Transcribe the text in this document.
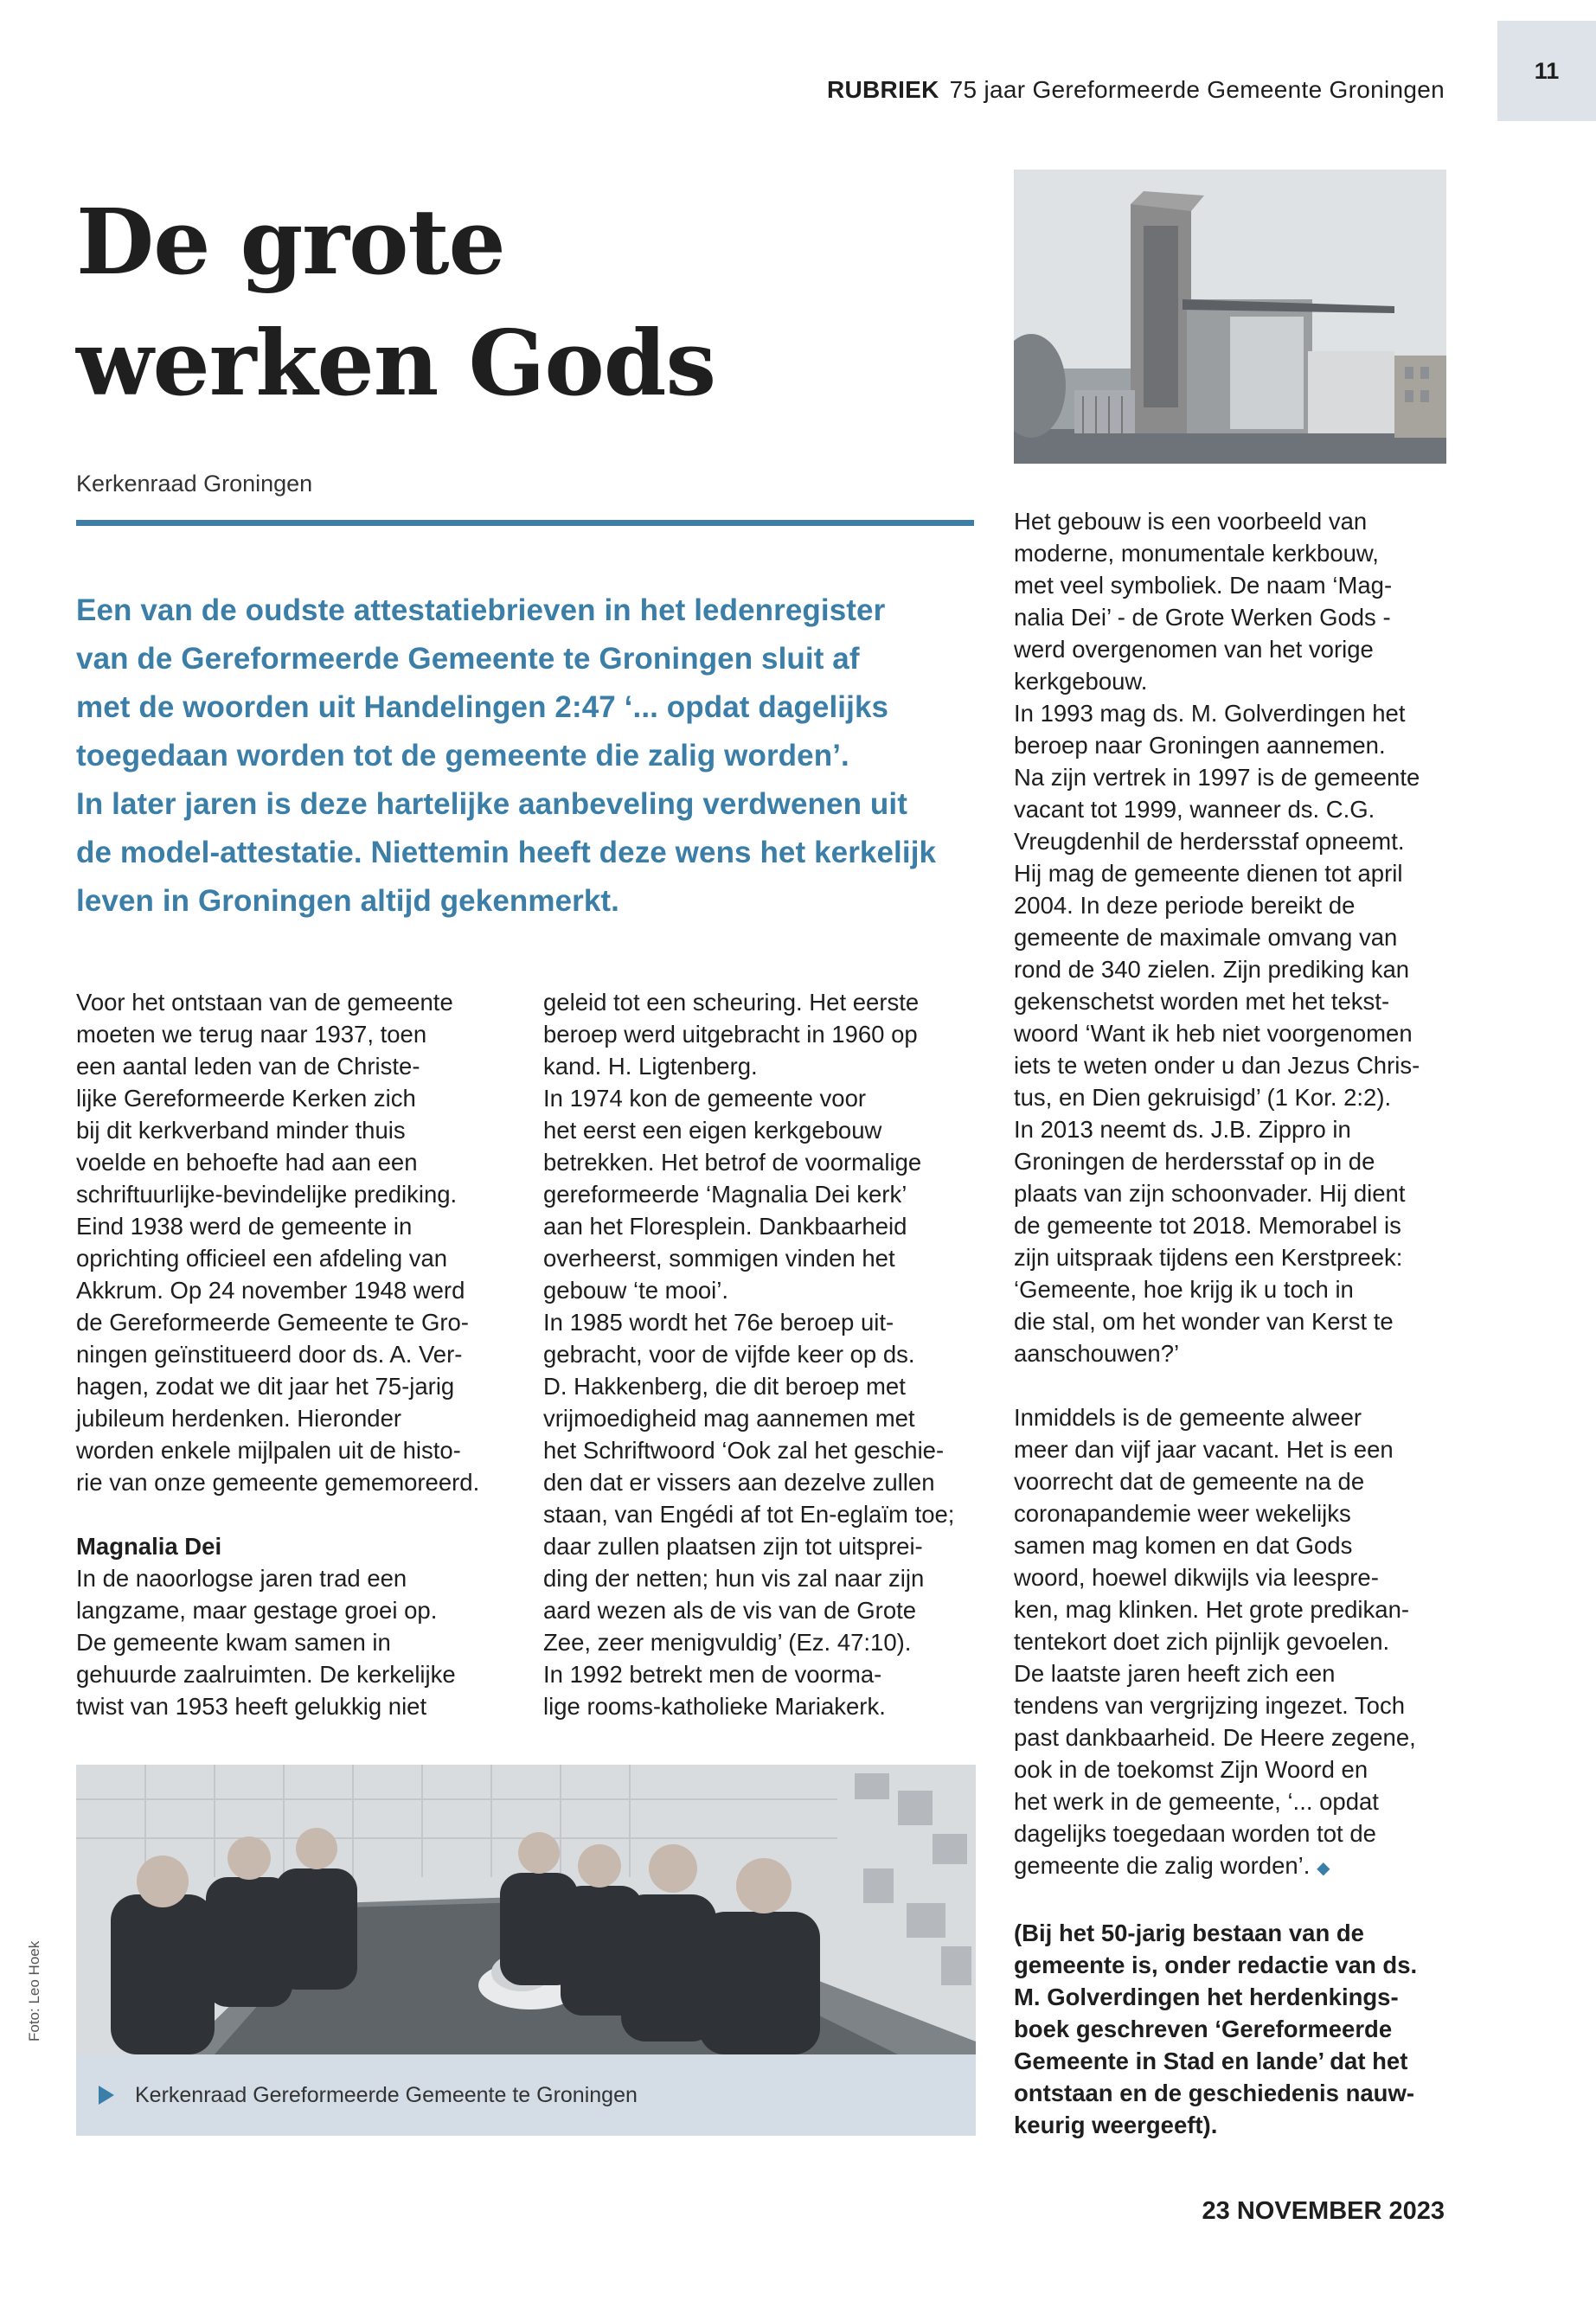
11
RUBRIEK 75 jaar Gereformeerde Gemeente Groningen
De grote
werken Gods
Kerkenraad Groningen
Een van de oudste attestatiebrieven in het ledenregister
van de Gereformeerde Gemeente te Groningen sluit af
met de woorden uit Handelingen 2:47 ‘... opdat dagelijks
toegedaan worden tot de gemeente die zalig worden’.
In later jaren is deze hartelijke aanbeveling verdwenen uit
de model-attestatie. Niettemin heeft deze wens het kerkelijk
leven in Groningen altijd gekenmerkt.

Voor het ontstaan van de gemeente

moeten we terug naar 1937, toen

een aantal leden van de Christe-

lijke Gereformeerde Kerken zich

bij dit kerkverband minder thuis

voelde en behoefte had aan een

schriftuurlijke-bevindelijke prediking.

Eind 1938 werd de gemeente in

oprichting officieel een afdeling van

Akkrum. Op 24 november 1948 werd

de Gereformeerde Gemeente te Gro-

ningen geïnstitueerd door ds. A. Ver-

hagen, zodat we dit jaar het 75-jarig

jubileum herdenken. Hieronder

worden enkele mijlpalen uit de histo-

rie van onze gemeente gememoreerd.

Magnalia Dei

In de naoorlogse jaren trad een

langzame, maar gestage groei op.

De gemeente kwam samen in

gehuurde zaalruimten. De kerkelijke

twist van 1953 heeft gelukkig niet

geleid tot een scheuring. Het eerste

beroep werd uitgebracht in 1960 op

kand. H. Ligtenberg.

In 1974 kon de gemeente voor

het eerst een eigen kerkgebouw

betrekken. Het betrof de voormalige

gereformeerde ‘Magnalia Dei kerk’

aan het Floresplein. Dankbaarheid

overheerst, sommigen vinden het

gebouw ‘te mooi’.

In 1985 wordt het 76e beroep uit-

gebracht, voor de vijfde keer op ds.

D. Hakkenberg, die dit beroep met

vrijmoedigheid mag aannemen met

het Schriftwoord ‘Ook zal het geschie-

den dat er vissers aan dezelve zullen

staan, van Engédi af tot En-eglaïm toe;

daar zullen plaatsen zijn tot uitsprei-

ding der netten; hun vis zal naar zijn

aard wezen als de vis van de Grote

Zee, zeer menigvuldig’ (Ez. 47:10).

In 1992 betrekt men de voorma-

lige rooms-katholieke Mariakerk.

Het gebouw is een voorbeeld van

moderne, monumentale kerkbouw,

met veel symboliek. De naam ‘Mag-

nalia Dei’ - de Grote Werken Gods -

werd overgenomen van het vorige

kerkgebouw.

In 1993 mag ds. M. Golverdingen het

beroep naar Groningen aannemen.

Na zijn vertrek in 1997 is de gemeente

vacant tot 1999, wanneer ds. C.G.

Vreugdenhil de herdersstaf opneemt.

Hij mag de gemeente dienen tot april

2004. In deze periode bereikt de

gemeente de maximale omvang van

rond de 340 zielen. Zijn prediking kan

gekenschetst worden met het tekst-

woord ‘Want ik heb niet voorgenomen

iets te weten onder u dan Jezus Chris-

tus, en Dien gekruisigd’ (1 Kor. 2:2).

In 2013 neemt ds. J.B. Zippro in

Groningen de herdersstaf op in de

plaats van zijn schoonvader. Hij dient

de gemeente tot 2018. Memorabel is

zijn uitspraak tijdens een Kerstpreek:

‘Gemeente, hoe krijg ik u toch in

die stal, om het wonder van Kerst te

aanschouwen?’

Inmiddels is de gemeente alweer

meer dan vijf jaar vacant. Het is een

voorrecht dat de gemeente na de

coronapandemie weer wekelijks

samen mag komen en dat Gods

woord, hoewel dikwijls via leespre-

ken, mag klinken. Het grote predikan-

tentekort doet zich pijnlijk gevoelen.

De laatste jaren heeft zich een

tendens van vergrijzing ingezet. Toch

past dankbaarheid. De Heere zegene,

ook in de toekomst Zijn Woord en

het werk in de gemeente, ‘... opdat

dagelijks toegedaan worden tot de

gemeente die zalig worden’. ◆

(Bij het 50-jarig bestaan van de

gemeente is, onder redactie van ds.

M. Golverdingen het herdenkings-

boek geschreven ‘Gereformeerde

Gemeente in Stad en lande’ dat het

ontstaan en de geschiedenis nauw-

keurig weergeeft).

Kerkenraad Gereformeerde Gemeente te Groningen
Foto: Leo Hoek
23 NOVEMBER 2023
